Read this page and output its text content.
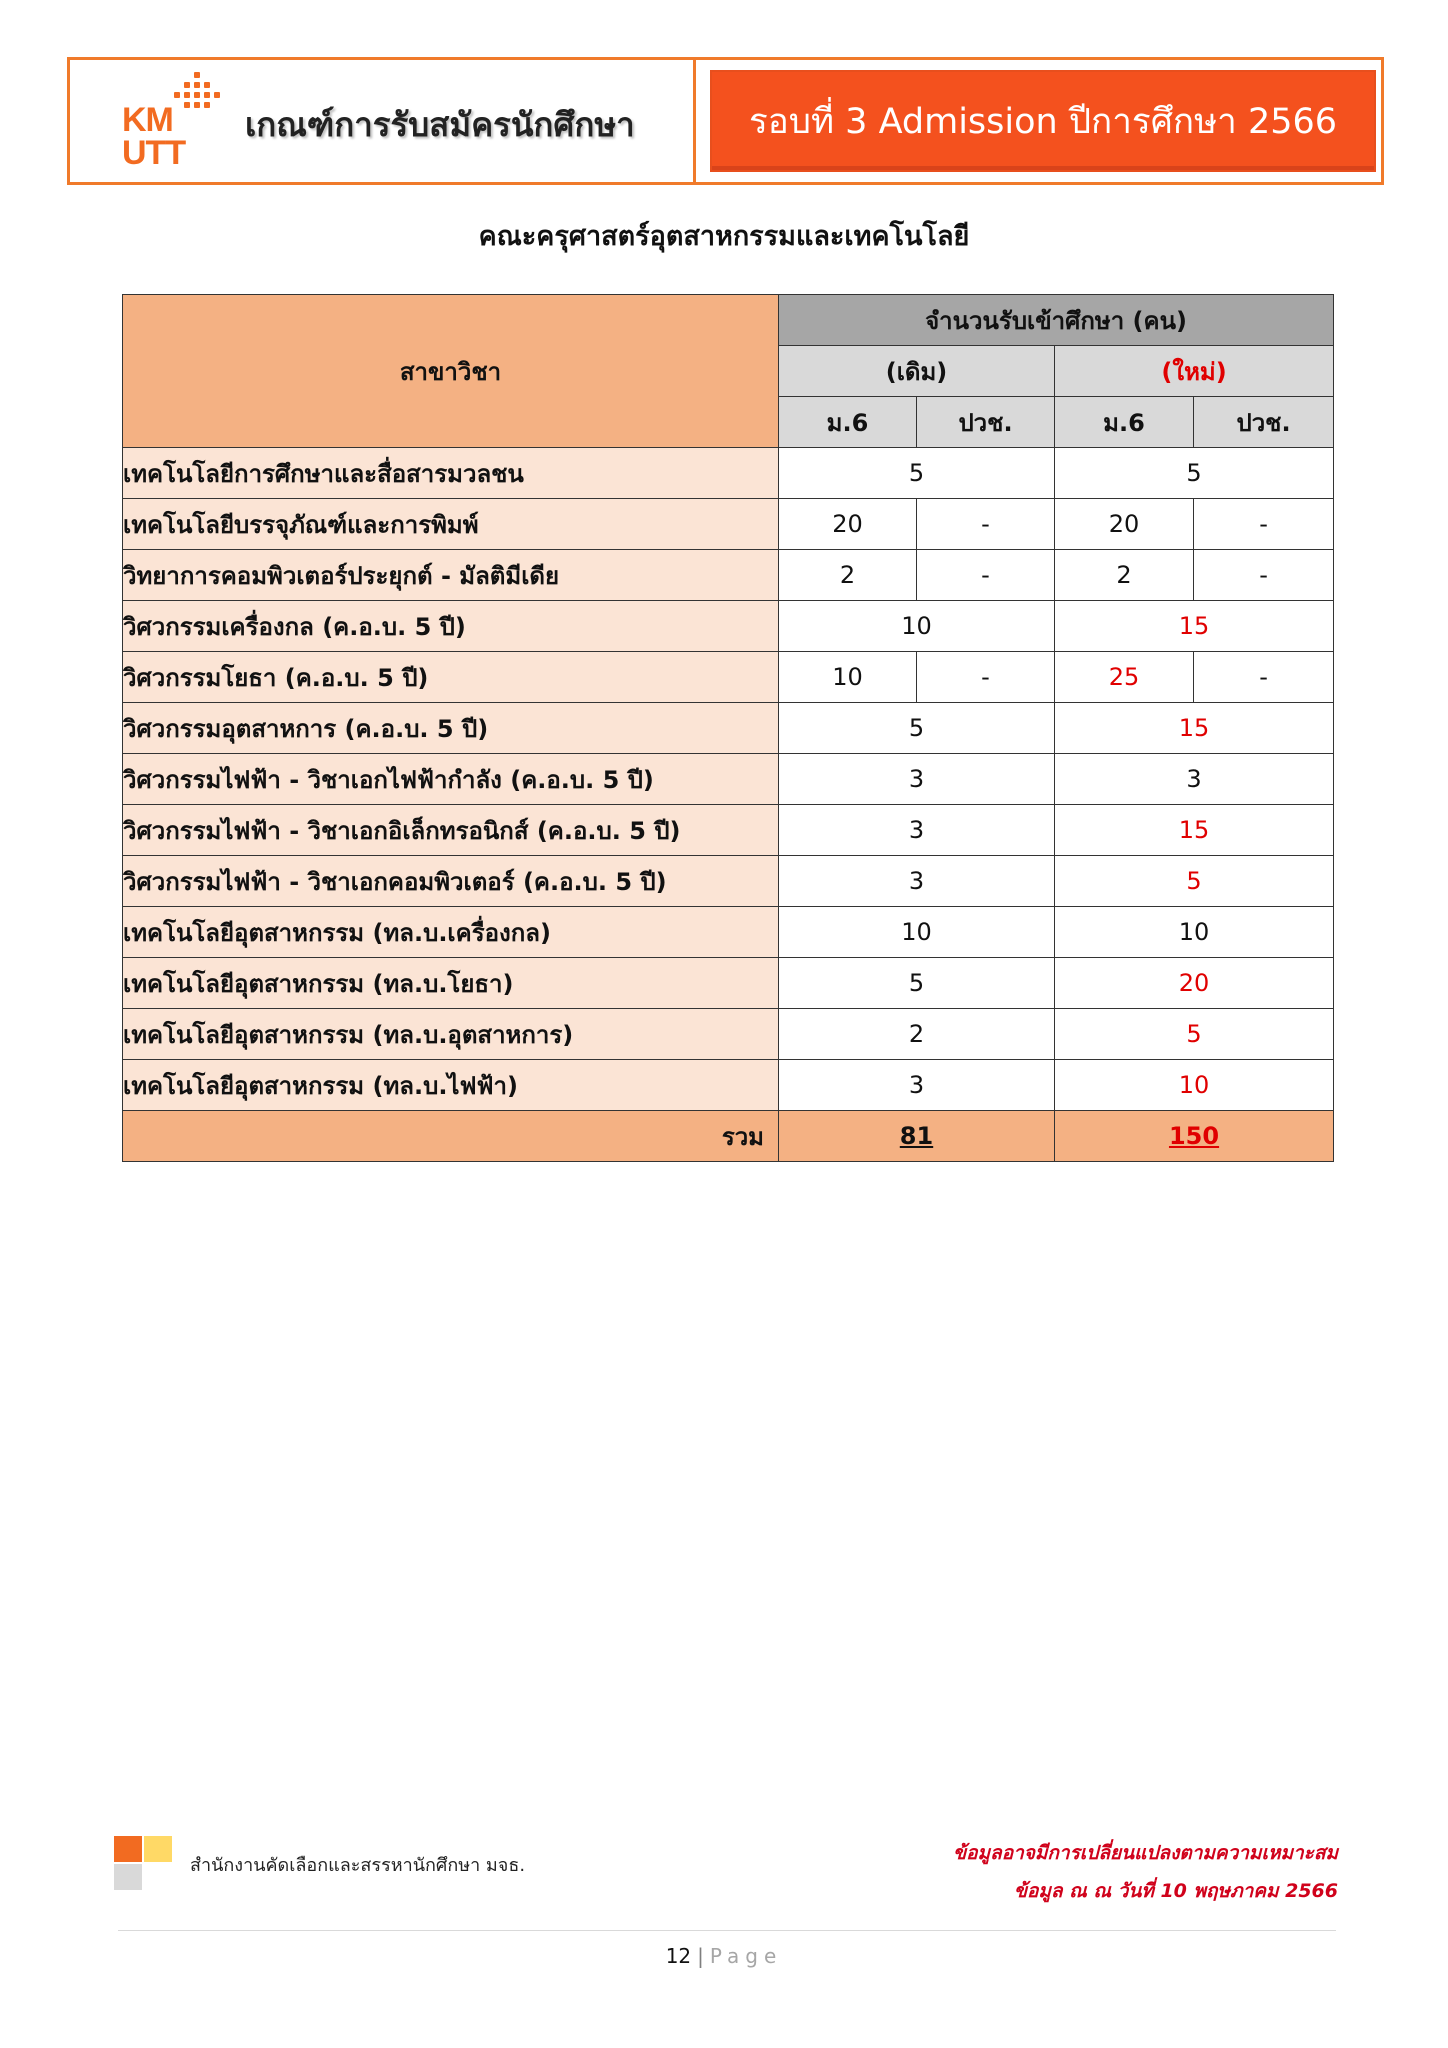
KM
UTT
เกณฑ์การรับสมัครนักศึกษา	รอบที่ 3 Admission ปีการศึกษา 2566
คณะครุศาสตร์อุตสาหกรรมและเทคโนโลยี
สาขาวิชา	จำนวนรับเข้าศึกษา (คน)			
	(เดิม)		(ใหม่)	
	ม.6	ปวช.	ม.6	ปวช.
เทคโนโลยีการศึกษาและสื่อสารมวลชน	5		5	
เทคโนโลยีบรรจุภัณฑ์และการพิมพ์	20	-	20	-
วิทยาการคอมพิวเตอร์ประยุกต์ - มัลติมีเดีย	2	-	2	-
วิศวกรรมเครื่องกล (ค.อ.บ. 5 ปี)	10		15	
วิศวกรรมโยธา (ค.อ.บ. 5 ปี)	10	-	25	-
วิศวกรรมอุตสาหการ (ค.อ.บ. 5 ปี)	5		15	
วิศวกรรมไฟฟ้า - วิชาเอกไฟฟ้ากำลัง (ค.อ.บ. 5 ปี)	3		3	
วิศวกรรมไฟฟ้า - วิชาเอกอิเล็กทรอนิกส์ (ค.อ.บ. 5 ปี)	3		15	
วิศวกรรมไฟฟ้า - วิชาเอกคอมพิวเตอร์ (ค.อ.บ. 5 ปี)	3		5	
เทคโนโลยีอุตสาหกรรม (ทล.บ.เครื่องกล)	10		10	
เทคโนโลยีอุตสาหกรรม (ทล.บ.โยธา)	5		20	
เทคโนโลยีอุตสาหกรรม (ทล.บ.อุตสาหการ)	2		5	
เทคโนโลยีอุตสาหกรรม (ทล.บ.ไฟฟ้า)	3		10	
รวม	81		150	
สำนักงานคัดเลือกและสรรหานักศึกษา มจธ.
ข้อมูลอาจมีการเปลี่ยนแปลงตามความเหมาะสม
ข้อมูล ณ ณ วันที่ 10 พฤษภาคม 2566
12 | Page
